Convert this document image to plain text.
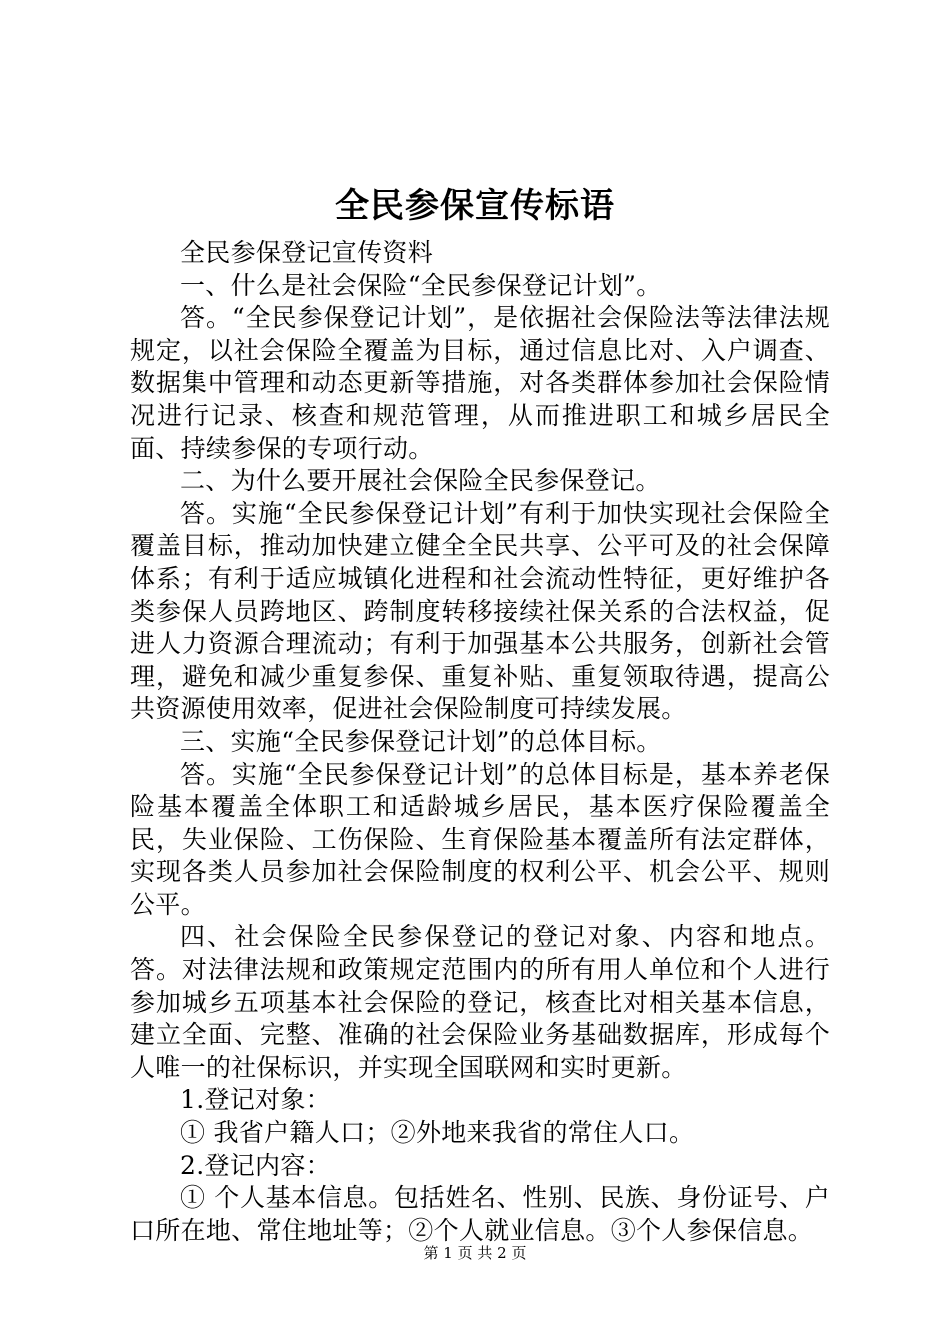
全民参保宣传标语

全民参保登记宣传资料

一、什么是社会保险“全民参保登记计划”。

答。“全民参保登记计划”，是依据社会保险法等法律法规规定，以社会保险全覆盖为目标，通过信息比对、入户调查、数据集中管理和动态更新等措施，对各类群体参加社会保险情况进行记录、核查和规范管理，从而推进职工和城乡居民全面、持续参保的专项行动。

二、为什么要开展社会保险全民参保登记。

答。实施“全民参保登记计划”有利于加快实现社会保险全覆盖目标，推动加快建立健全全民共享、公平可及的社会保障体系；有利于适应城镇化进程和社会流动性特征，更好维护各类参保人员跨地区、跨制度转移接续社保关系的合法权益，促进人力资源合理流动；有利于加强基本公共服务，创新社会管理，避免和减少重复参保、重复补贴、重复领取待遇，提高公共资源使用效率，促进社会保险制度可持续发展。

三、实施“全民参保登记计划”的总体目标。

答。实施“全民参保登记计划”的总体目标是，基本养老保险基本覆盖全体职工和适龄城乡居民，基本医疗保险覆盖全民，失业保险、工伤保险、生育保险基本覆盖所有法定群体，实现各类人员参加社会保险制度的权利公平、机会公平、规则公平。

四、社会保险全民参保登记的登记对象、内容和地点。答。对法律法规和政策规定范围内的所有用人单位和个人进行参加城乡五项基本社会保险的登记，核查比对相关基本信息，建立全面、完整、准确的社会保险业务基础数据库，形成每个人唯一的社保标识，并实现全国联网和实时更新。

1.登记对象：

① 我省户籍人口；②外地来我省的常住人口。

2.登记内容：

① 个人基本信息。包括姓名、性别、民族、身份证号、户口所在地、常住地址等；②个人就业信息。③个人参保信息。

第 1 页 共 2 页
